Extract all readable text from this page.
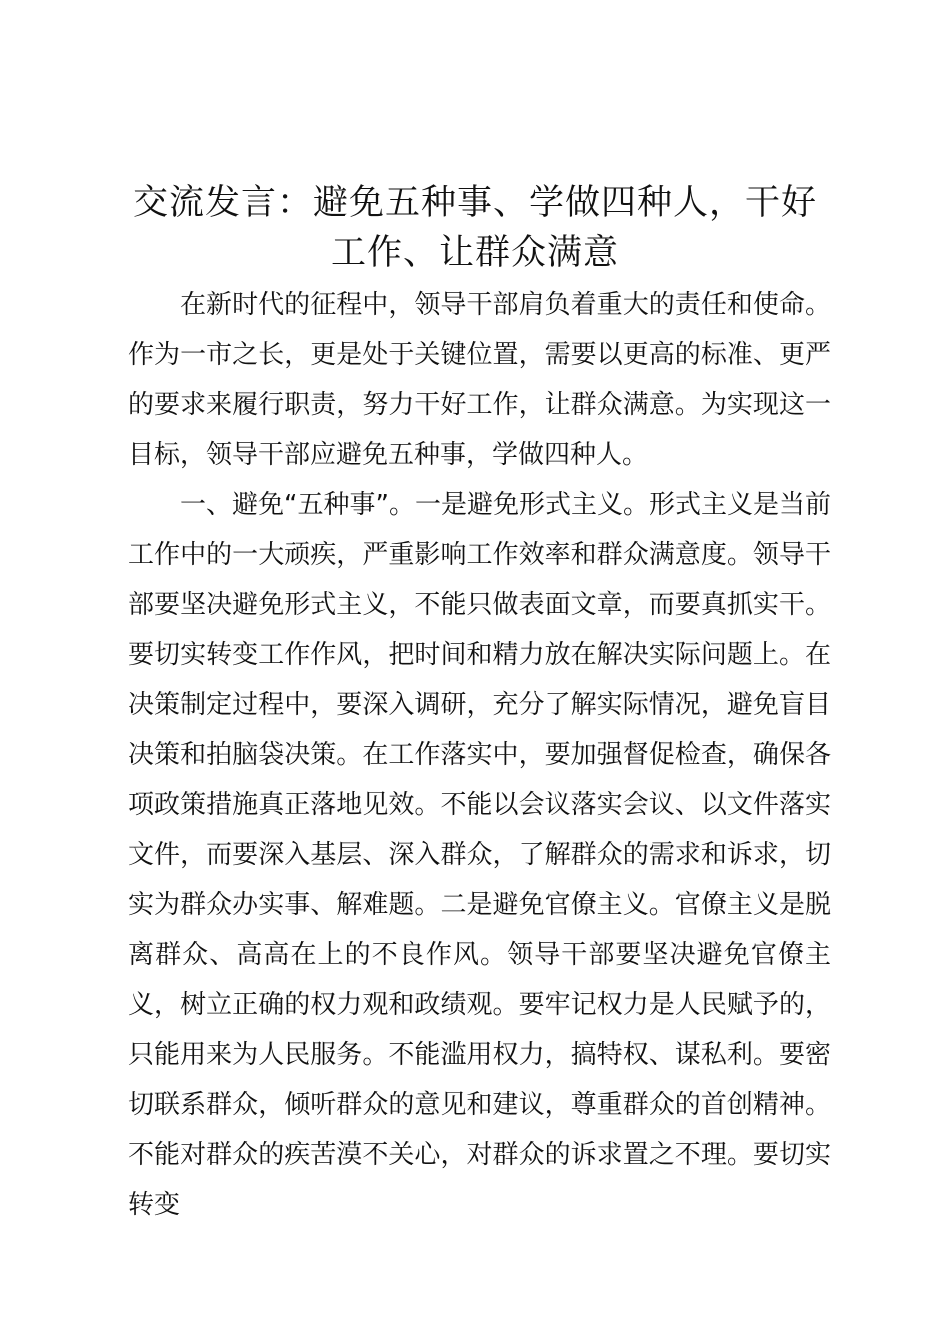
交流发言：避免五种事、学做四种人，干好工作、让群众满意

在新时代的征程中，领导干部肩负着重大的责任和使命。作为一市之长，更是处于关键位置，需要以更高的标准、更严的要求来履行职责，努力干好工作，让群众满意。为实现这一目标，领导干部应避免五种事，学做四种人。

一、避免“五种事”。一是避免形式主义。形式主义是当前工作中的一大顽疾，严重影响工作效率和群众满意度。领导干部要坚决避免形式主义，不能只做表面文章，而要真抓实干。要切实转变工作作风，把时间和精力放在解决实际问题上。在决策制定过程中，要深入调研，充分了解实际情况，避免盲目决策和拍脑袋决策。在工作落实中，要加强督促检查，确保各项政策措施真正落地见效。不能以会议落实会议、以文件落实文件，而要深入基层、深入群众，了解群众的需求和诉求，切实为群众办实事、解难题。二是避免官僚主义。官僚主义是脱离群众、高高在上的不良作风。领导干部要坚决避免官僚主义，树立正确的权力观和政绩观。要牢记权力是人民赋予的，只能用来为人民服务。不能滥用权力，搞特权、谋私利。要密切联系群众，倾听群众的意见和建议，尊重群众的首创精神。不能对群众的疾苦漠不关心，对群众的诉求置之不理。要切实转变
